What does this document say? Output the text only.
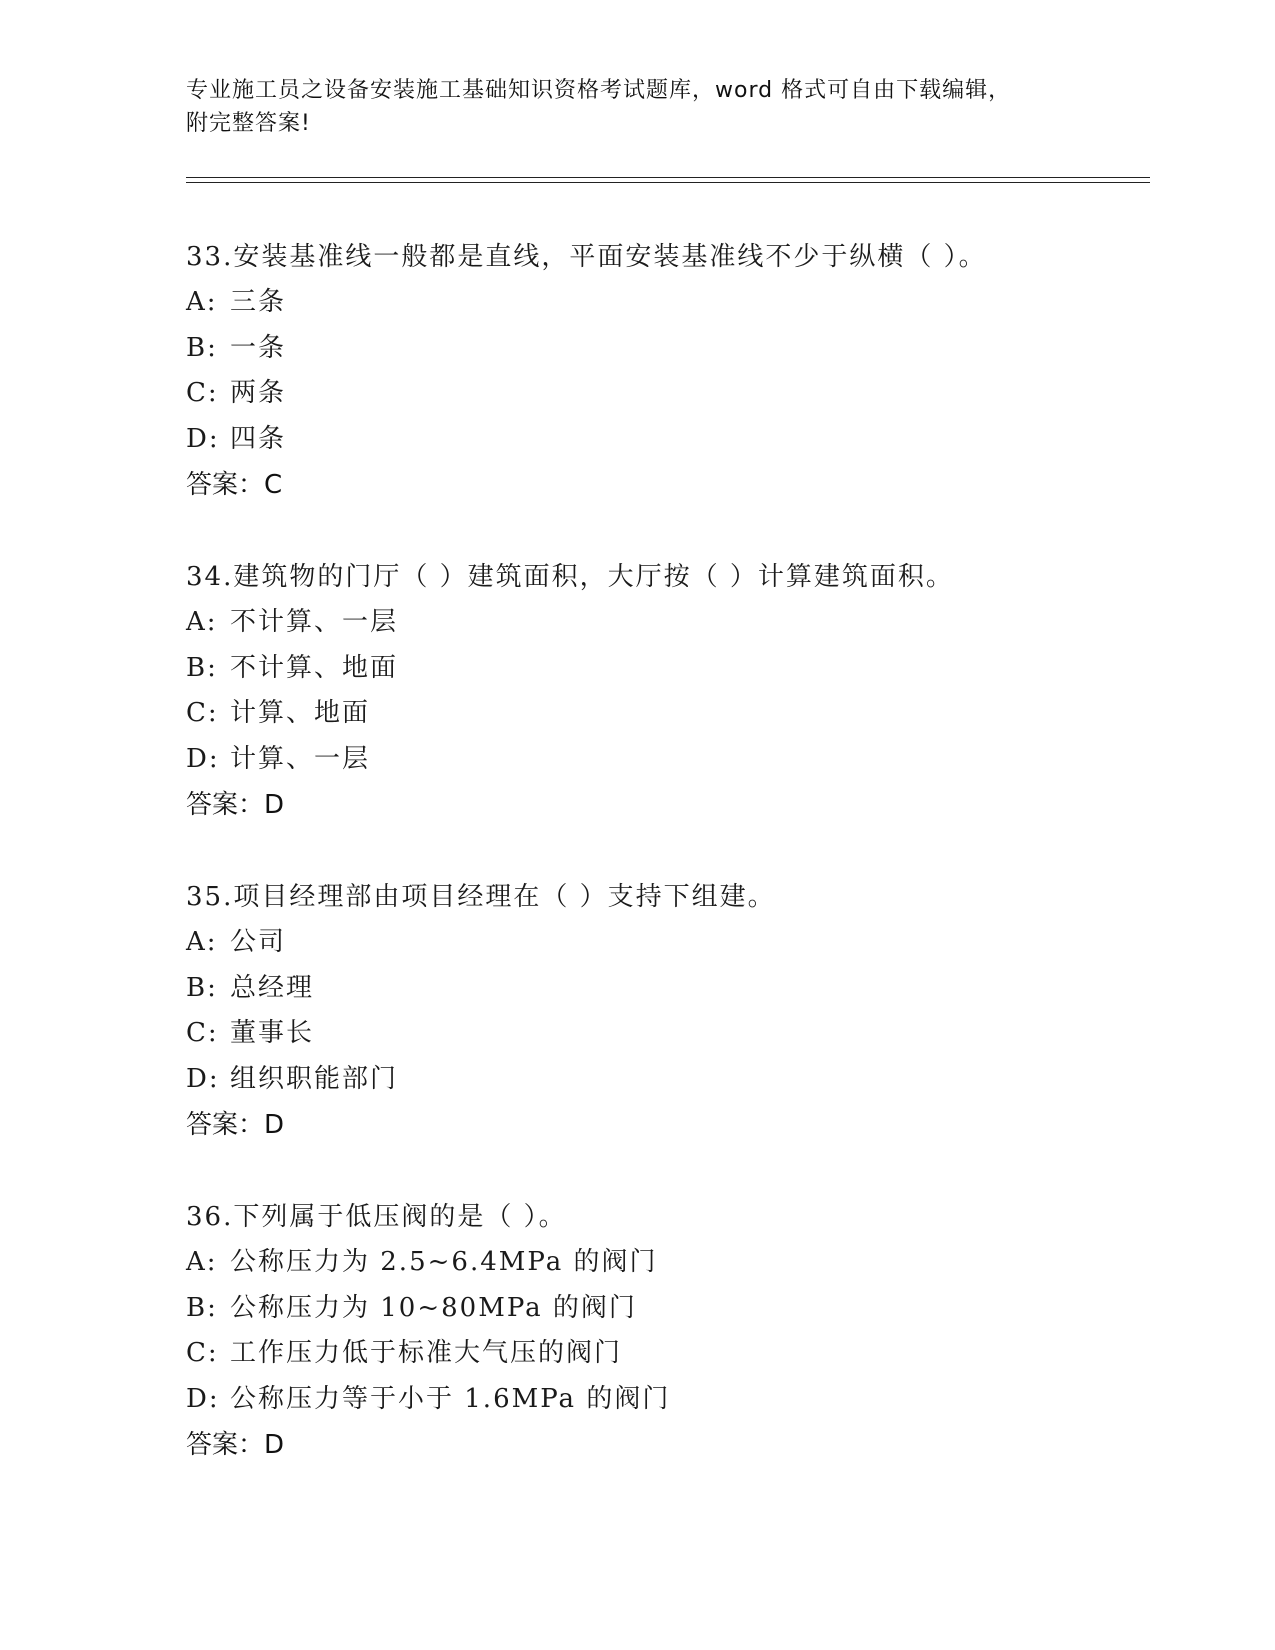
专业施工员之设备安装施工基础知识资格考试题库，word 格式可自由下载编辑，
附完整答案!
33.安装基准线一般都是直线，平面安装基准线不少于纵横（ ）。
A: 三条
B: 一条
C: 两条
D: 四条
答案：C
34.建筑物的门厅（ ）建筑面积，大厅按（ ）计算建筑面积。
A: 不计算、一层
B: 不计算、地面
C: 计算、地面
D: 计算、一层
答案：D
35.项目经理部由项目经理在（ ）支持下组建。
A: 公司
B: 总经理
C: 董事长
D: 组织职能部门
答案：D
36.下列属于低压阀的是（ ）。
A: 公称压力为 2.5~6.4MPa 的阀门
B: 公称压力为 10~80MPa 的阀门
C: 工作压力低于标准大气压的阀门
D: 公称压力等于小于 1.6MPa 的阀门
答案：D
